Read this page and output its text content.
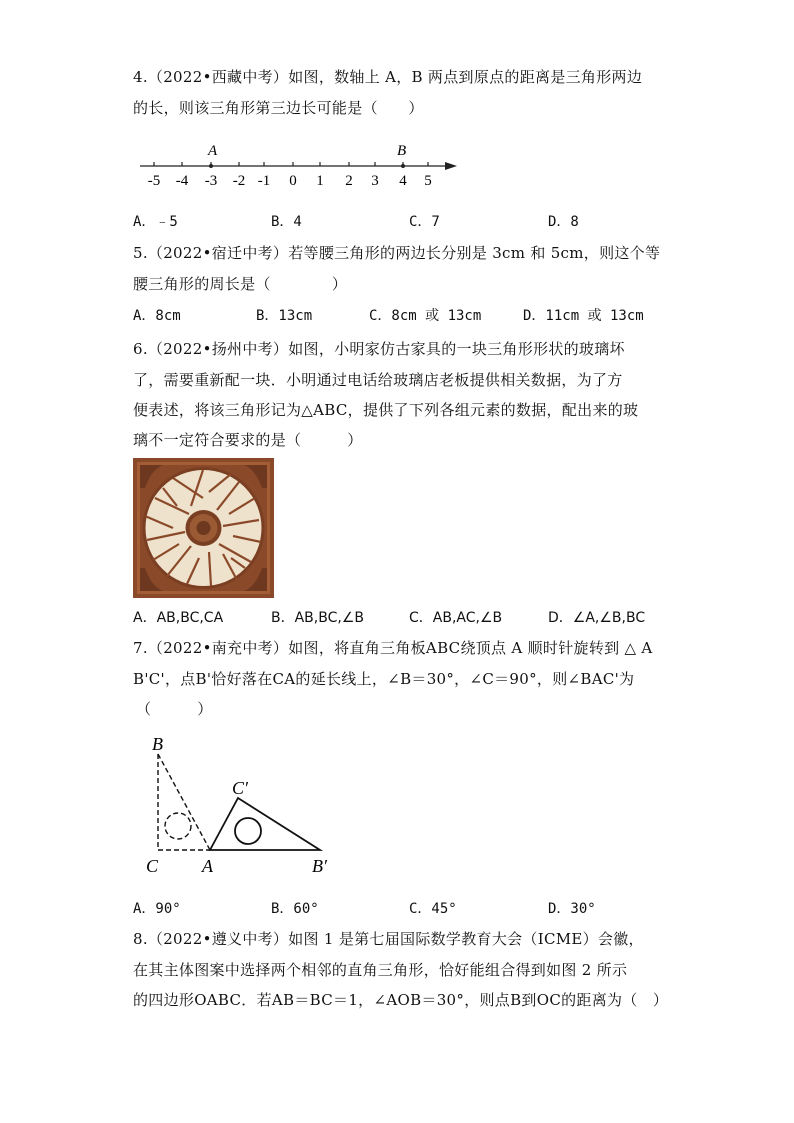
4.（2022•西藏中考）如图，数轴上 A，B 两点到原点的距离是三角形两边
的长，则该三角形第三边长可能是（　　）
-5 -4 -3 -2 -1 0 1 2 3 4 5
A	B
A．﹣5	B．4	C．7	D．8
5.（2022•宿迁中考）若等腰三角形的两边长分别是 3cm 和 5cm，则这个等
腰三角形的周长是（　　　　）
A．8cm	B．13cm	C．8cm 或 13cm	D．11cm 或 13cm
6.（2022•扬州中考）如图，小明家仿古家具的一块三角形形状的玻璃坏
了，需要重新配一块．小明通过电话给玻璃店老板提供相关数据，为了方
便表述，将该三角形记为△ABC，提供了下列各组元素的数据，配出来的玻
璃不一定符合要求的是（　　　）
A．AB,BC,CA	B．AB,BC,∠B	C．AB,AC,∠B	D．∠A,∠B,BC
7.（2022•南充中考）如图，将直角三角板ABC绕顶点 A 顺时针旋转到 △ A
B'C'，点B'恰好落在CA的延长线上，∠B＝30°，∠C＝90°，则∠BAC'为
（　　　）
B
C A
C′
B′
A．90°	B．60°	C．45°	D．30°
8.（2022•遵义中考）如图 1 是第七届国际数学教育大会（ICME）会徽，
在其主体图案中选择两个相邻的直角三角形，恰好能组合得到如图 2 所示
的四边形OABC．若AB＝BC＝1，∠AOB＝30°，则点B到OC的距离为（　）
